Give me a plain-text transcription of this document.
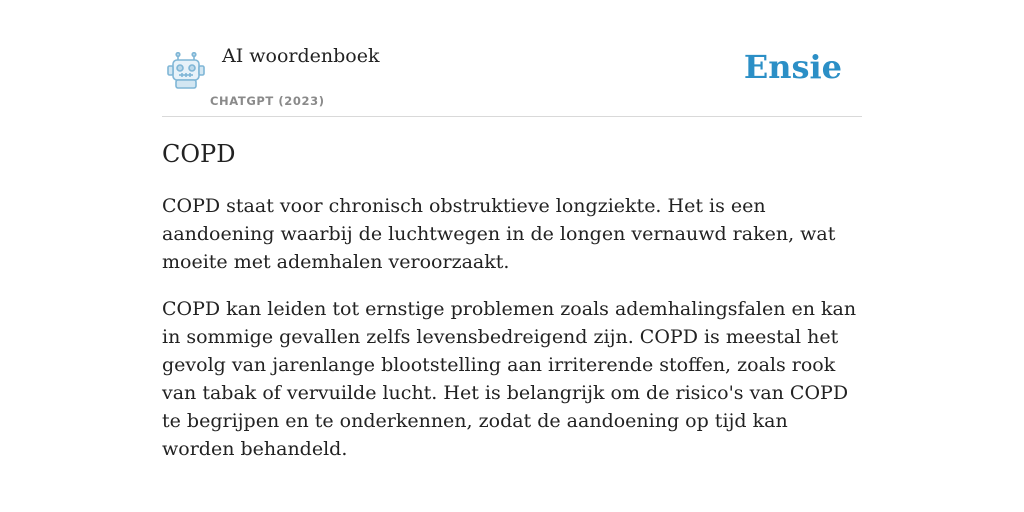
AI woordenboek
CHATGPT (2023)
Ensie
COPD

COPD staat voor chronisch obstruktieve longziekte. Het is een aandoening waarbij de luchtwegen in de longen vernauwd raken, wat moeite met ademhalen veroorzaakt.

COPD kan leiden tot ernstige problemen zoals ademhalingsfalen en kan in sommige gevallen zelfs levensbedreigend zijn. COPD is meestal het gevolg van jarenlange blootstelling aan irriterende stoffen, zoals rook van tabak of vervuilde lucht. Het is belangrijk om de risico's van COPD te begrijpen en te onderkennen, zodat de aandoening op tijd kan worden behandeld.
